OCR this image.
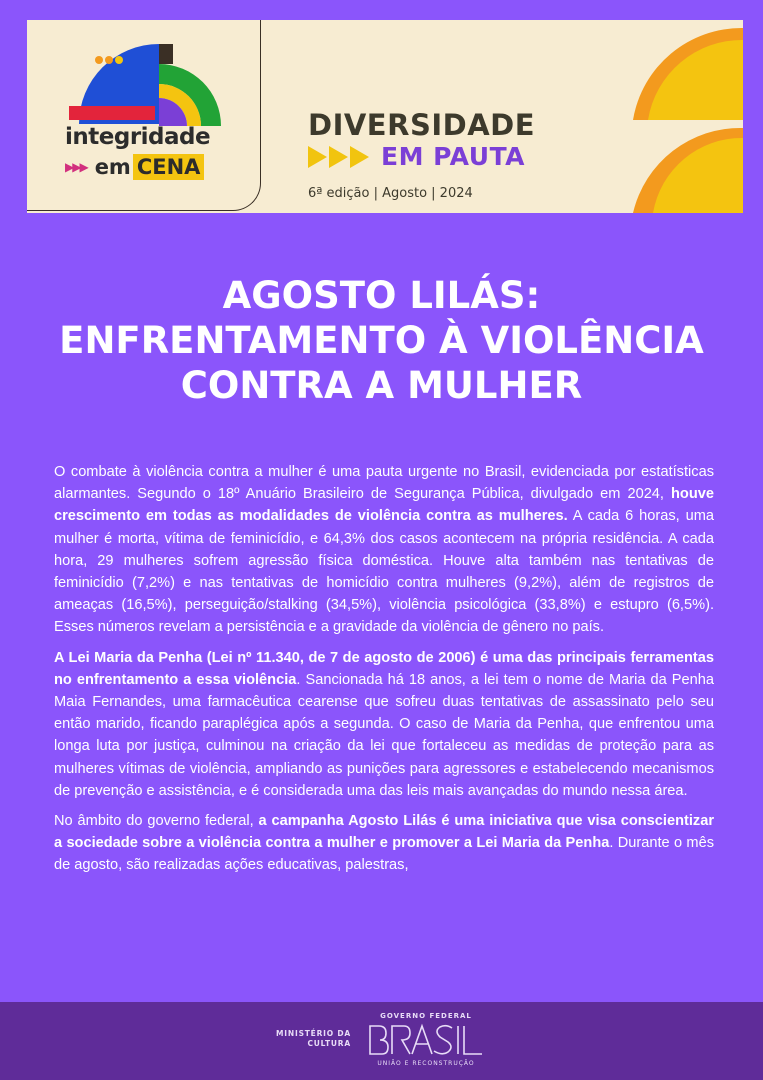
integridade
▶▶▶ em CENA
DIVERSIDADE
EM PAUTA
6ª edição | Agosto | 2024
AGOSTO LILÁS:
ENFRENTAMENTO À VIOLÊNCIA
CONTRA A MULHER

O combate à violência contra a mulher é uma pauta urgente no Brasil, evidenciada por estatísticas alarmantes. Segundo o 18º Anuário Brasileiro de Segurança Pública, divulgado em 2024, houve crescimento em todas as modalidades de violência contra as mulheres. A cada 6 horas, uma mulher é morta, vítima de feminicídio, e 64,3% dos casos acontecem na própria residência. A cada hora, 29 mulheres sofrem agressão física doméstica. Houve alta também nas tentativas de feminicídio (7,2%) e nas tentativas de homicídio contra mulheres (9,2%), além de registros de ameaças (16,5%), perseguição/stalking (34,5%), violência psicológica (33,8%) e estupro (6,5%). Esses números revelam a persistência e a gravidade da violência de gênero no país.

A Lei Maria da Penha (Lei nº 11.340, de 7 de agosto de 2006) é uma das principais ferramentas no enfrentamento a essa violência. Sancionada há 18 anos, a lei tem o nome de Maria da Penha Maia Fernandes, uma farmacêutica cearense que sofreu duas tentativas de assassinato pelo seu então marido, ficando paraplégica após a segunda. O caso de Maria da Penha, que enfrentou uma longa luta por justiça, culminou na criação da lei que fortaleceu as medidas de proteção para as mulheres vítimas de violência, ampliando as punições para agressores e estabelecendo mecanismos de prevenção e assistência, e é considerada uma das leis mais avançadas do mundo nessa área.

No âmbito do governo federal, a campanha Agosto Lilás é uma iniciativa que visa conscientizar a sociedade sobre a violência contra a mulher e promover a Lei Maria da Penha. Durante o mês de agosto, são realizadas ações educativas, palestras,

MINISTÉRIO DA
CULTURA
GOVERNO FEDERAL
UNIÃO E RECONSTRUÇÃO
